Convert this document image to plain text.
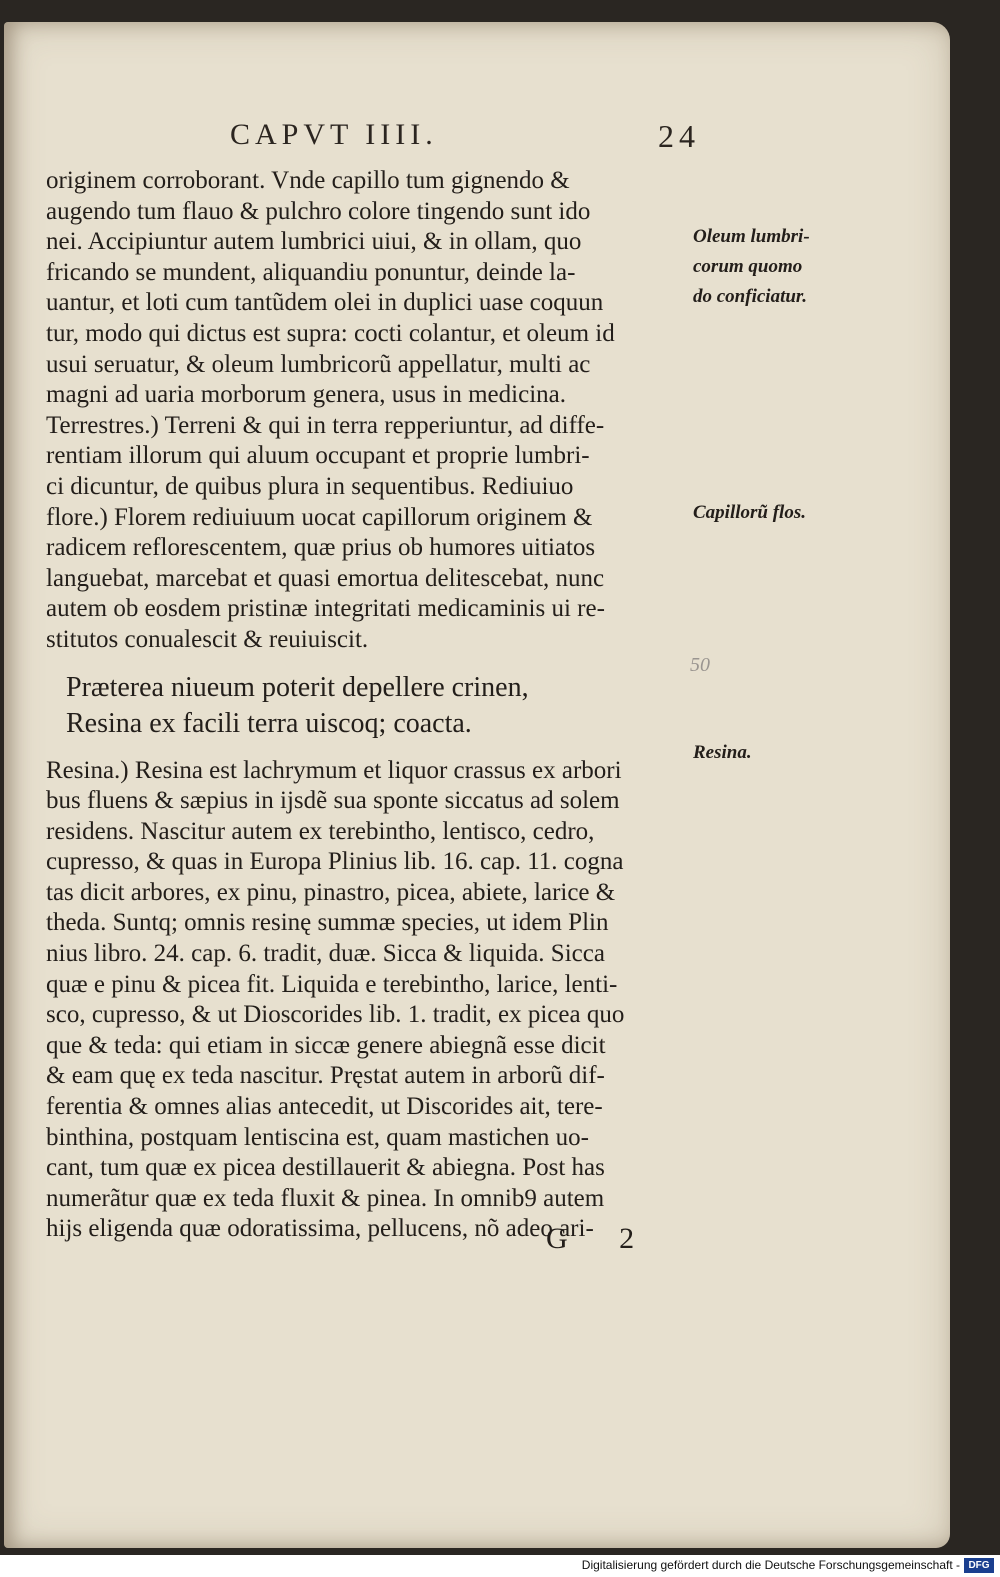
CAPVT IIII.	24
originem corroborant. Vnde capillo tum gignendo &
augendo tum flauo & pulchro colore tingendo sunt ido
nei. Accipiuntur autem lumbrici uiui, & in ollam, quo
fricando se mundent, aliquandiu ponuntur, deinde la-
uantur, et loti cum tantũdem olei in duplici uase coquun
tur, modo qui dictus est supra: cocti colantur, et oleum id
usui seruatur, & oleum lumbricorũ appellatur, multi ac
magni ad uaria morborum genera, usus in medicina.
Terrestres.) Terreni & qui in terra repperiuntur, ad diffe-
rentiam illorum qui aluum occupant et proprie lumbri-
ci dicuntur, de quibus plura in sequentibus. Rediuiuo
flore.) Florem rediuiuum uocat capillorum originem &
radicem reflorescentem, quæ prius ob humores uitiatos
languebat, marcebat et quasi emortua delitescebat, nunc
autem ob eosdem pristinæ integritati medicaminis ui re-
stitutos conualescit & reuiuiscit.
Præterea niueum poterit depellere crinen,
Resina ex facili terra uiscoq; coacta.
Resina.) Resina est lachrymum et liquor crassus ex arbori
bus fluens & sæpius in ijsdẽ sua sponte siccatus ad solem
residens. Nascitur autem ex terebintho, lentisco, cedro,
cupresso, & quas in Europa Plinius lib. 16. cap. 11. cogna
tas dicit arbores, ex pinu, pinastro, picea, abiete, larice &
theda. Suntq; omnis resinę summæ species, ut idem Plin
nius libro. 24. cap. 6. tradit, duæ. Sicca & liquida. Sicca
quæ e pinu & picea fit. Liquida e terebintho, larice, lenti-
sco, cupresso, & ut Dioscorides lib. 1. tradit, ex picea quo
que & teda: qui etiam in siccæ genere abiegnã esse dicit
& eam quę ex teda nascitur. Pręstat autem in arborũ dif-
ferentia & omnes alias antecedit, ut Discorides ait, tere-
binthina, postquam lentiscina est, quam mastichen uo-
cant, tum quæ ex picea destillauerit & abiegna. Post has
numerãtur quæ ex teda fluxit & pinea. In omnib9 autem
hijs eligenda quæ odoratissima, pellucens, nõ adeo ari-
Oleum lumbri-
corum quomo
do conficiatur.
Capillorũ flos.
Resina.
50
G 2
Digitalisierung gefördert durch die Deutsche Forschungsgemeinschaft - DFG
